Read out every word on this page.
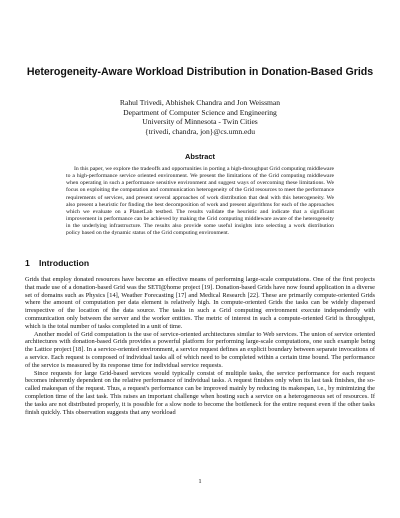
Heterogeneity-Aware Workload Distribution in Donation-Based Grids
Rahul Trivedi, Abhishek Chandra and Jon Weissman
Department of Computer Science and Engineering
University of Minnesota - Twin Cities
{trivedi, chandra, jon}@cs.umn.edu
Abstract

In this paper, we explore the tradeoffs and opportunities in porting a high-throughput Grid computing middleware to a high-performance service oriented environment. We present the limitations of the Grid computing middleware when operating in such a performance sensitive environment and suggest ways of overcoming these limitations. We focus on exploiting the computation and communication heterogeneity of the Grid resources to meet the performance requirements of services, and present several approaches of work distribution that deal with this heterogeneity. We also present a heuristic for finding the best decomposition of work and present algorithms for each of the approaches which we evaluate on a PlanetLab testbed. The results validate the heuristic and indicate that a significant improvement in performance can be achieved by making the Grid computing middleware aware of the heterogeneity in the underlying infrastructure. The results also provide some useful insights into selecting a work distribution policy based on the dynamic status of the Grid computing environment.

1 Introduction

Grids that employ donated resources have become an effective means of performing large-scale computations. One of the first projects that made use of a donation-based Grid was the SETI@home project [19]. Donation-based Grids have now found application in a diverse set of domains such as Physics [14], Weather Forecasting [17] and Medical Research [22]. These are primarily compute-oriented Grids where the amount of computation per data element is relatively high. In compute-oriented Grids the tasks can be widely dispersed irrespective of the location of the data source. The tasks in such a Grid computing environment execute independently with communication only between the server and the worker entities. The metric of interest in such a compute-oriented Grid is throughput, which is the total number of tasks completed in a unit of time.

Another model of Grid computation is the use of service-oriented architectures similar to Web services. The union of service oriented architectures with donation-based Grids provides a powerful platform for performing large-scale computations, one such example being the Lattice project [18]. In a service-oriented environment, a service request defines an explicit boundary between separate invocations of a service. Each request is composed of individual tasks all of which need to be completed within a certain time bound. The performance of the service is measured by its response time for individual service requests.

Since requests for large Grid-based services would typically consist of multiple tasks, the service performance for each request becomes inherently dependent on the relative performance of individual tasks. A request finishes only when its last task finishes, the so-called makespan of the request. Thus, a request's performance can be improved mainly by reducing its makespan, i.e., by minimizing the completion time of the last task. This raises an important challenge when hosting such a service on a heterogeneous set of resources. If the tasks are not distributed properly, it is possible for a slow node to become the bottleneck for the entire request even if the other tasks finish quickly. This observation suggests that any workload

1
